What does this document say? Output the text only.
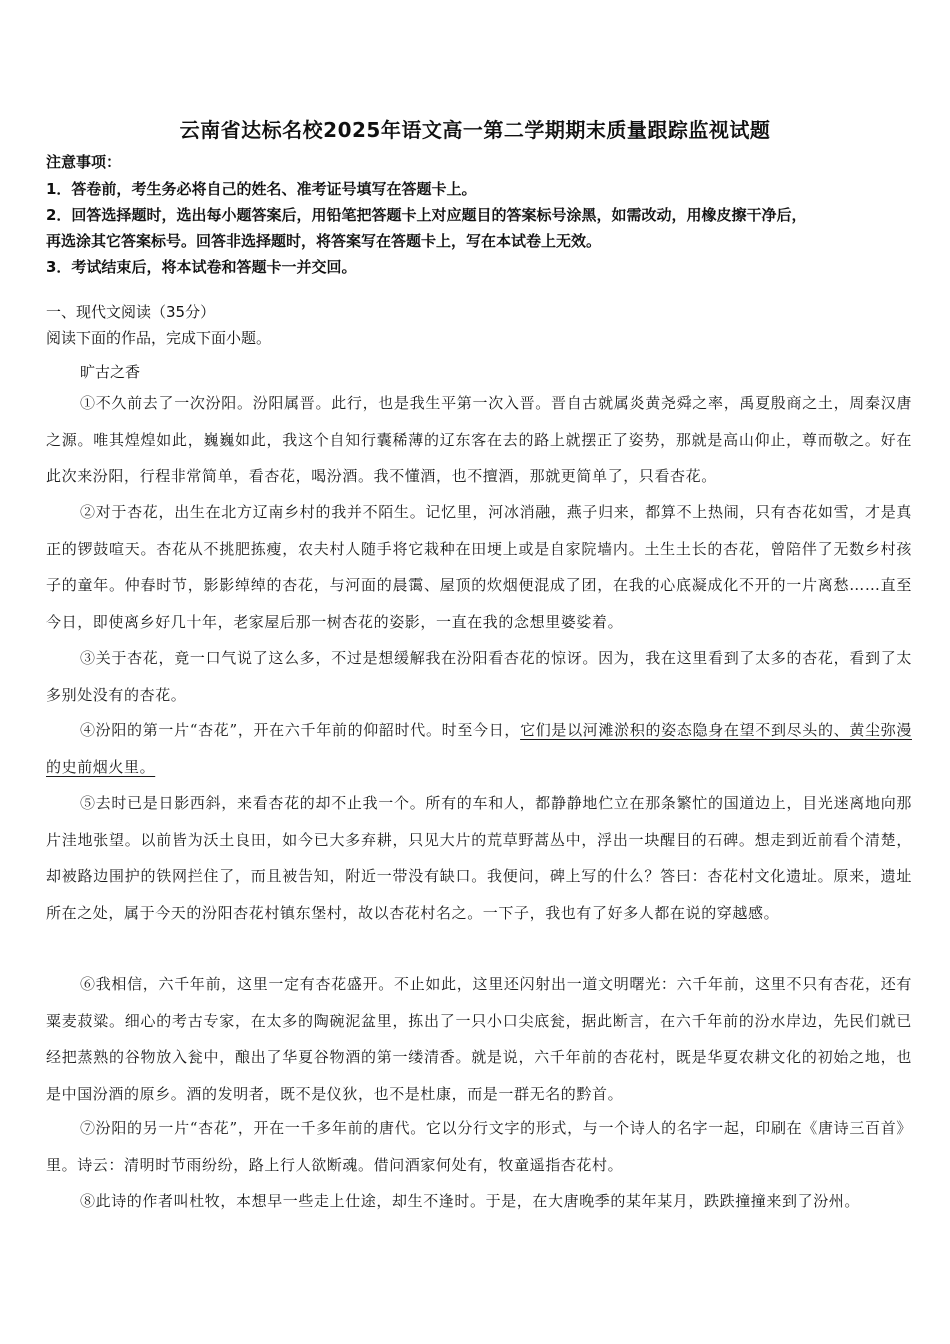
云南省达标名校2025年语文高一第二学期期末质量跟踪监视试题
注意事项：
1．答卷前，考生务必将自己的姓名、准考证号填写在答题卡上。
2．回答选择题时，选出每小题答案后，用铅笔把答题卡上对应题目的答案标号涂黑，如需改动，用橡皮擦干净后，
再选涂其它答案标号。回答非选择题时，将答案写在答题卡上，写在本试卷上无效。
3．考试结束后，将本试卷和答题卡一并交回。
一、现代文阅读（35分）
阅读下面的作品，完成下面小题。
旷古之香
①不久前去了一次汾阳。汾阳属晋。此行，也是我生平第一次入晋。晋自古就属炎黄尧舜之率，禹夏殷商之土，周秦汉唐之源。唯其煌煌如此，巍巍如此，我这个自知行囊稀薄的辽东客在去的路上就摆正了姿势，那就是高山仰止，尊而敬之。好在此次来汾阳，行程非常简单，看杏花，喝汾酒。我不懂酒，也不擅酒，那就更简单了，只看杏花。
②对于杏花，出生在北方辽南乡村的我并不陌生。记忆里，河冰消融，燕子归来，都算不上热闹，只有杏花如雪，才是真正的锣鼓喧天。杏花从不挑肥拣瘦，农夫村人随手将它栽种在田埂上或是自家院墙内。土生土长的杏花，曾陪伴了无数乡村孩子的童年。仲春时节，影影绰绰的杏花，与河面的晨霭、屋顶的炊烟便混成了团，在我的心底凝成化不开的一片离愁……直至今日，即使离乡好几十年，老家屋后那一树杏花的姿影，一直在我的念想里婆娑着。
③关于杏花，竟一口气说了这么多，不过是想缓解我在汾阳看杏花的惊讶。因为，我在这里看到了太多的杏花，看到了太多别处没有的杏花。
④汾阳的第一片“杏花”，开在六千年前的仰韶时代。时至今日，它们是以河滩淤积的姿态隐身在望不到尽头的、黄尘弥漫的史前烟火里。
⑤去时已是日影西斜，来看杏花的却不止我一个。所有的车和人，都静静地伫立在那条繁忙的国道边上，目光迷离地向那片洼地张望。以前皆为沃土良田，如今已大多弃耕，只见大片的荒草野蒿丛中，浮出一块醒目的石碑。想走到近前看个清楚，却被路边围护的铁网拦住了，而且被告知，附近一带没有缺口。我便问，碑上写的什么？答曰：杏花村文化遗址。原来，遗址所在之处，属于今天的汾阳杏花村镇东堡村，故以杏花村名之。一下子，我也有了好多人都在说的穿越感。
⑥我相信，六千年前，这里一定有杏花盛开。不止如此，这里还闪射出一道文明曙光：六千年前，这里不只有杏花，还有粟麦菽粱。细心的考古专家，在太多的陶碗泥盆里，拣出了一只小口尖底瓮，据此断言，在六千年前的汾水岸边，先民们就已经把蒸熟的谷物放入瓮中，酿出了华夏谷物酒的第一缕清香。就是说，六千年前的杏花村，既是华夏农耕文化的初始之地，也是中国汾酒的原乡。酒的发明者，既不是仪狄，也不是杜康，而是一群无名的黔首。
⑦汾阳的另一片“杏花”，开在一千多年前的唐代。它以分行文字的形式，与一个诗人的名字一起，印刷在《唐诗三百首》里。诗云：清明时节雨纷纷，路上行人欲断魂。借问酒家何处有，牧童遥指杏花村。
⑧此诗的作者叫杜牧，本想早一些走上仕途，却生不逢时。于是，在大唐晚季的某年某月，跌跌撞撞来到了汾州。
